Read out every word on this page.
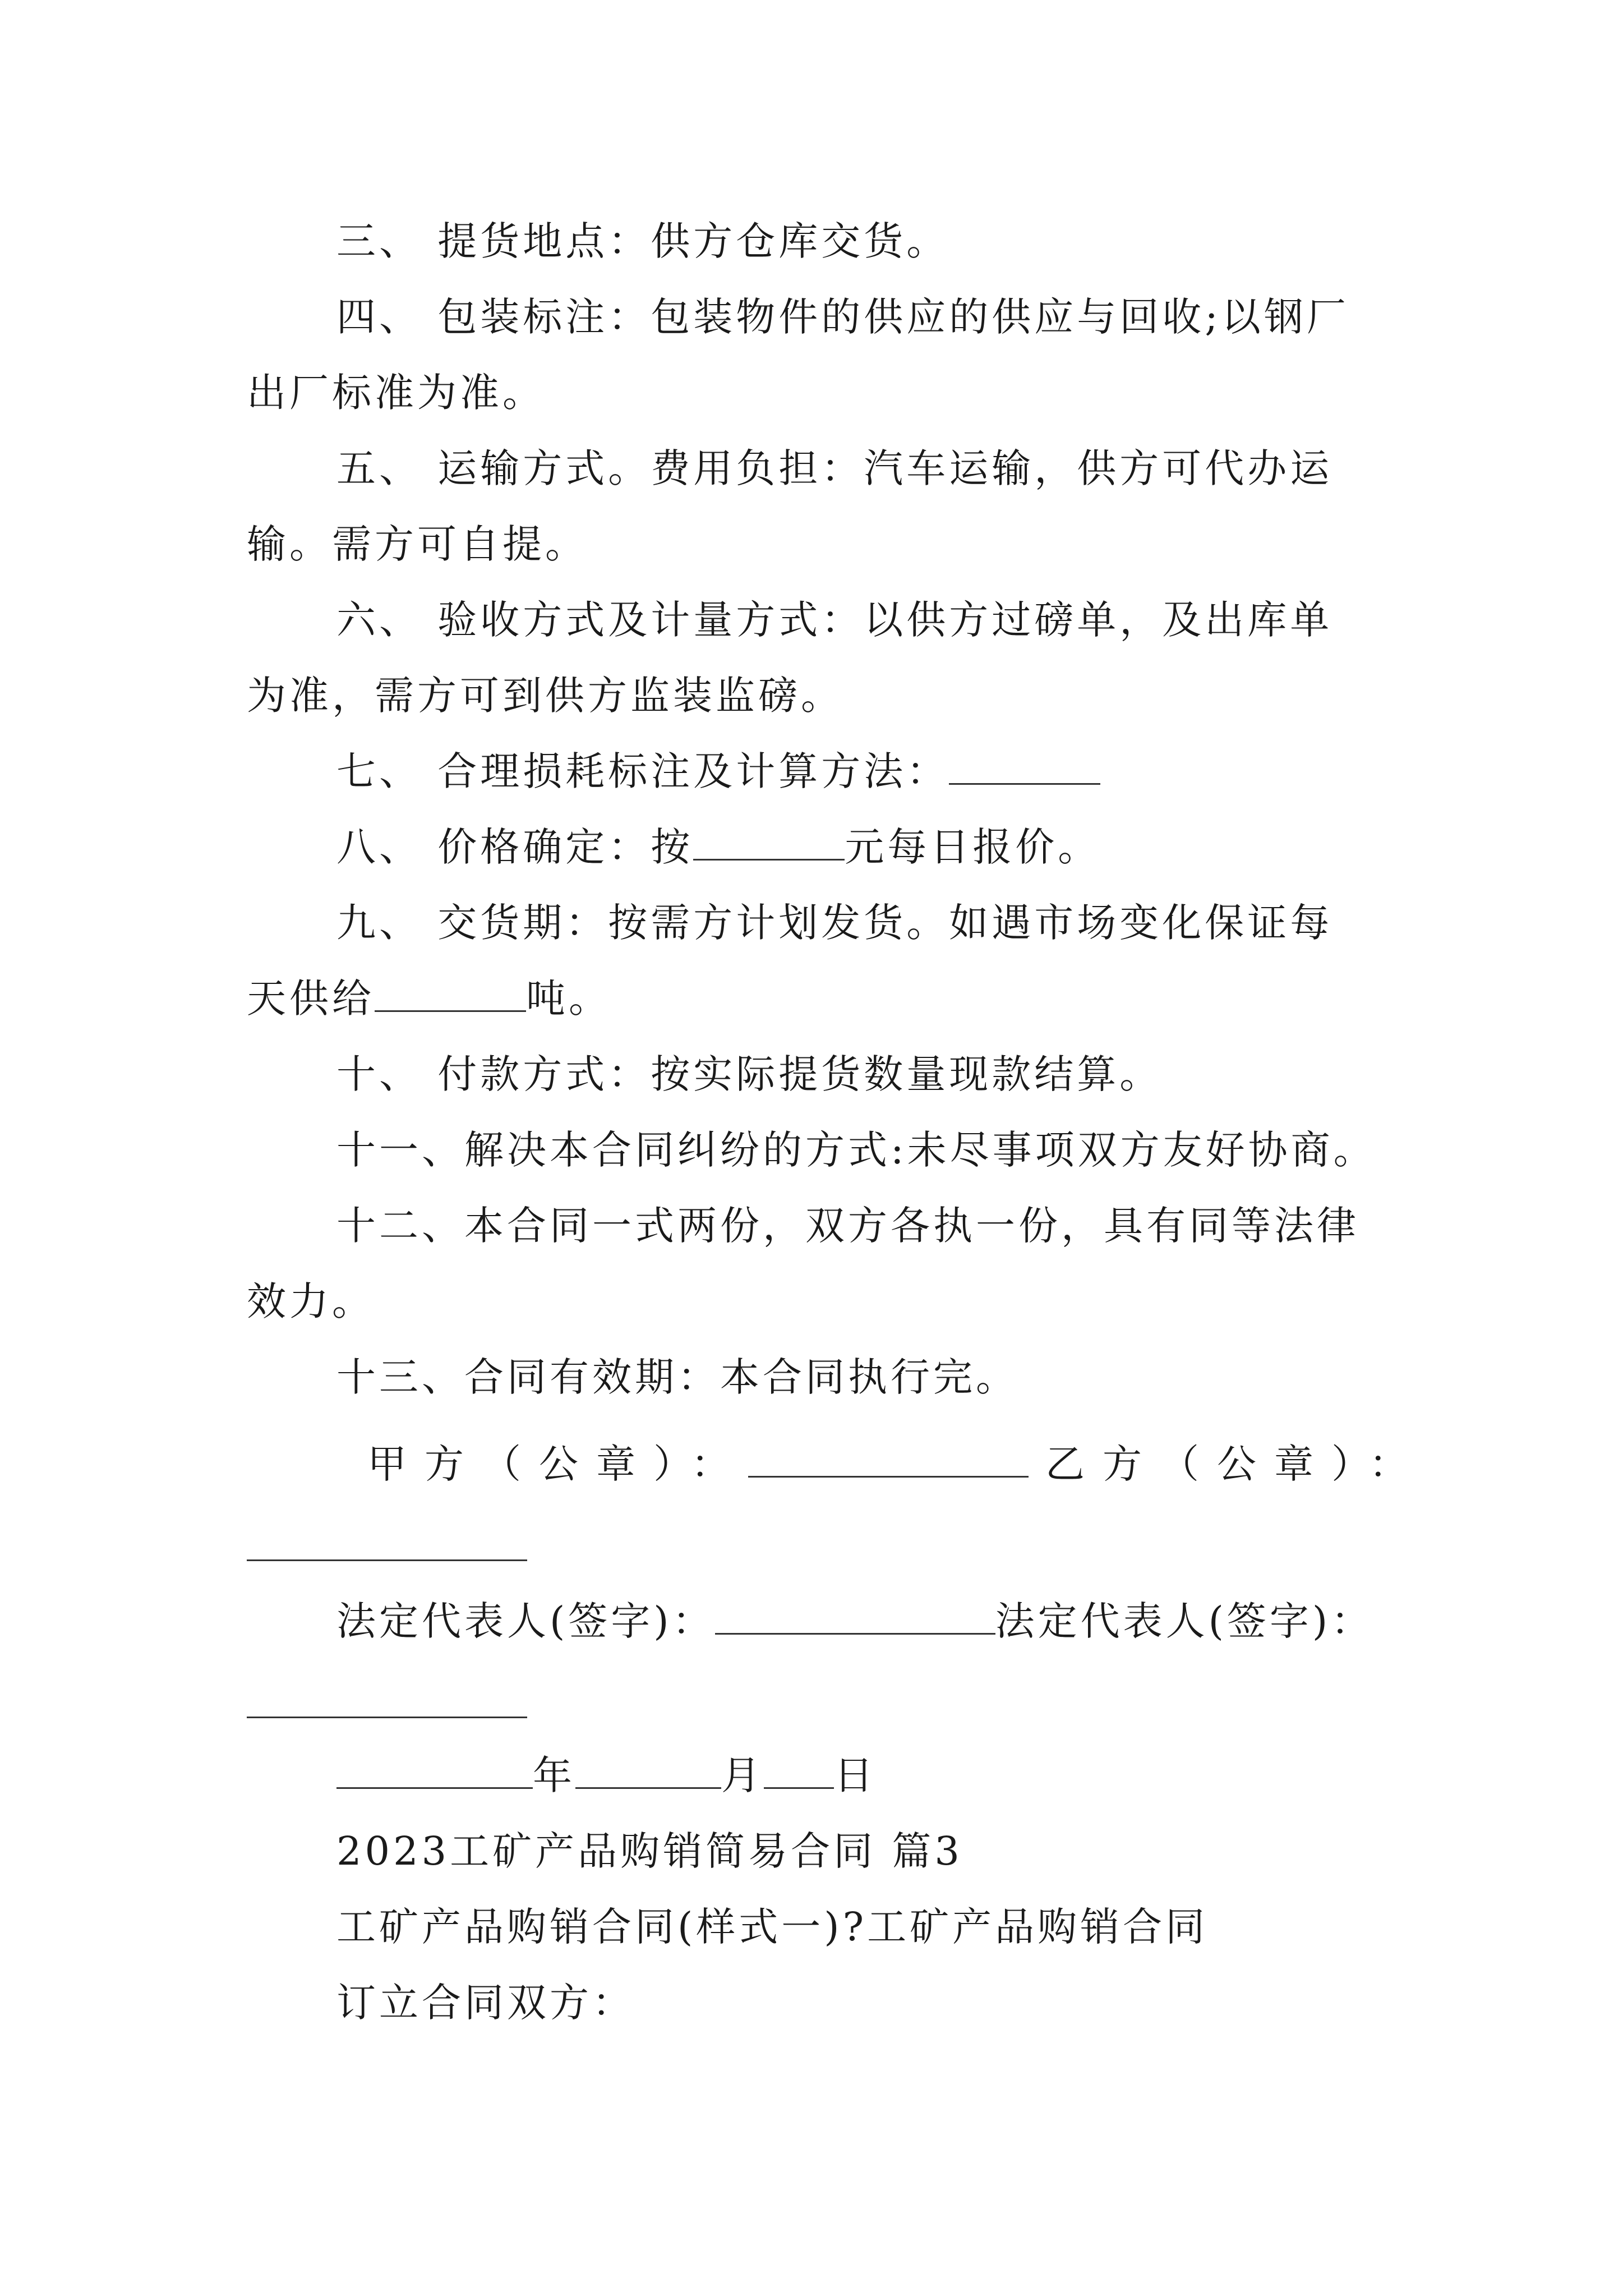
三、 提货地点：供方仓库交货。
四、 包装标注：包装物件的供应的供应与回收;以钢厂
出厂标准为准。
五、 运输方式。费用负担：汽车运输，供方可代办运
输。需方可自提。
六、 验收方式及计量方式：以供方过磅单，及出库单
为准，需方可到供方监装监磅。
七、 合理损耗标注及计算方法：
八、 价格确定：按	元每日报价。
九、 交货期：按需方计划发货。如遇市场变化保证每
天供给	吨。
十、 付款方式：按实际提货数量现款结算。
十一、解决本合同纠纷的方式:未尽事项双方友好协商。
十二、本合同一式两份，双方各执一份，具有同等法律
效力。
十三、合同有效期：本合同执行完。
甲方（公章）：	乙方（公章）：
法定代表人(签字)：	法定代表人(签字)：
年	月 日
2023工矿产品购销简易合同 篇3
工矿产品购销合同(样式一)?工矿产品购销合同
订立合同双方：
